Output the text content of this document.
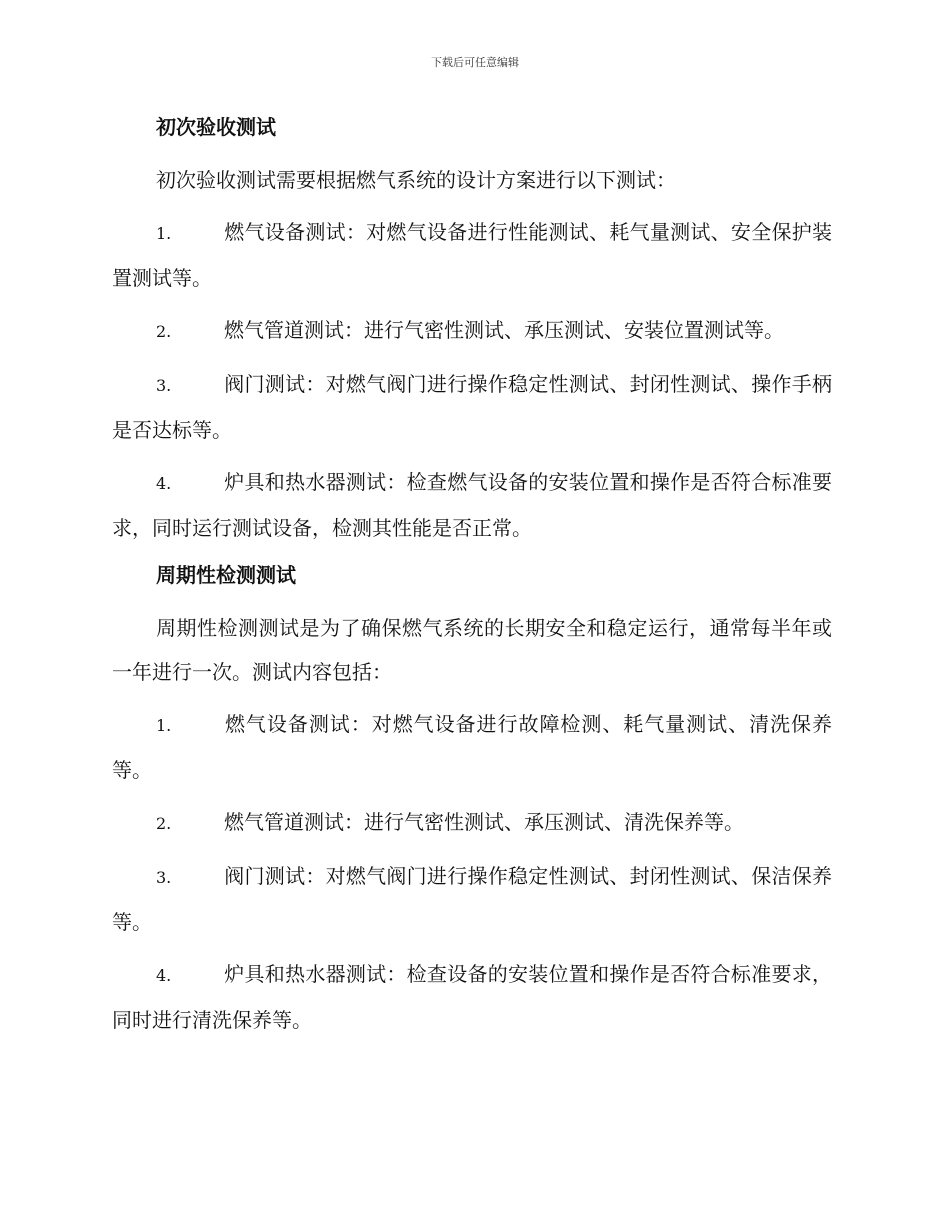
下载后可任意编辑
初次验收测试
初次验收测试需要根据燃气系统的设计方案进行以下测试：
1.	燃气设备测试：对燃气设备进行性能测试、耗气量测试、安全保护装置测试等。
2.	燃气管道测试：进行气密性测试、承压测试、安装位置测试等。
3.	阀门测试：对燃气阀门进行操作稳定性测试、封闭性测试、操作手柄是否达标等。
4.	炉具和热水器测试：检查燃气设备的安装位置和操作是否符合标准要求，同时运行测试设备，检测其性能是否正常。
周期性检测测试
周期性检测测试是为了确保燃气系统的长期安全和稳定运行，通常每半年或一年进行一次。测试内容包括：
1.	燃气设备测试：对燃气设备进行故障检测、耗气量测试、清洗保养等。
2.	燃气管道测试：进行气密性测试、承压测试、清洗保养等。
3.	阀门测试：对燃气阀门进行操作稳定性测试、封闭性测试、保洁保养等。
4.	炉具和热水器测试：检查设备的安装位置和操作是否符合标准要求，同时进行清洗保养等。
